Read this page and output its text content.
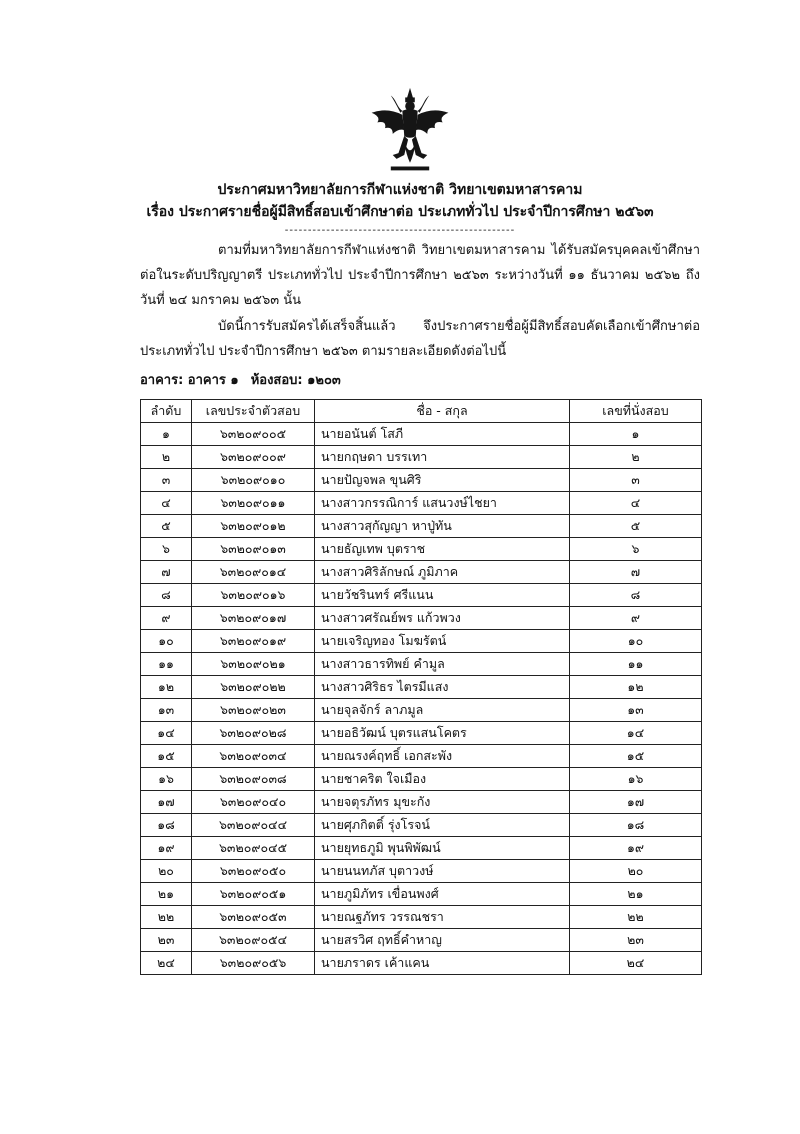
ประกาศมหาวิทยาลัยการกีฬาแห่งชาติ วิทยาเขตมหาสารคาม
เรื่อง ประกาศรายชื่อผู้มีสิทธิ์สอบเข้าศึกษาต่อ ประเภททั่วไป ประจำปีการศึกษา ๒๕๖๓
--------------------------------------------------
ตามที่มหาวิทยาลัยการกีฬาแห่งชาติ วิทยาเขตมหาสารคาม ได้รับสมัครบุคคลเข้าศึกษาต่อในระดับปริญญาตรี ประเภททั่วไป ประจำปีการศึกษา ๒๕๖๓ ระหว่างวันที่ ๑๑ ธันวาคม ๒๕๖๒ ถึงวันที่ ๒๔ มกราคม ๒๕๖๓ นั้น
บัดนี้การรับสมัครได้เสร็จสิ้นแล้ว จึงประกาศรายชื่อผู้มีสิทธิ์สอบคัดเลือกเข้าศึกษาต่อ ประเภททั่วไป ประจำปีการศึกษา ๒๕๖๓ ตามรายละเอียดดังต่อไปนี้
อาคาร: อาคาร ๑ ห้องสอบ: ๑๒๐๓
ลำดับ	เลขประจำตัวสอบ	ชื่อ - สกุล	เลขที่นั่งสอบ
๑	๖๓๒๐๙๐๐๕	นายอนันต์ โสภี	๑
๒	๖๓๒๐๙๐๐๙	นายกฤษดา บรรเทา	๒
๓	๖๓๒๐๙๐๑๐	นายปัญจพล ขุนศิริ	๓
๔	๖๓๒๐๙๐๑๑	นางสาวกรรณิการ์ แสนวงษ์ไชยา	๔
๕	๖๓๒๐๙๐๑๒	นางสาวสุกัญญา หาปู่ทัน	๕
๖	๖๓๒๐๙๐๑๓	นายธัญเทพ บุตราช	๖
๗	๖๓๒๐๙๐๑๔	นางสาวศิริลักษณ์ ภูมิภาค	๗
๘	๖๓๒๐๙๐๑๖	นายวัชรินทร์ ศรีแนน	๘
๙	๖๓๒๐๙๐๑๗	นางสาวศรัณย์พร แก้วพวง	๙
๑๐	๖๓๒๐๙๐๑๙	นายเจริญทอง โมฆรัตน์	๑๐
๑๑	๖๓๒๐๙๐๒๑	นางสาวธารทิพย์ คำมูล	๑๑
๑๒	๖๓๒๐๙๐๒๒	นางสาวศิริธร ไตรมีแสง	๑๒
๑๓	๖๓๒๐๙๐๒๓	นายจุลจักร์ ลาภมูล	๑๓
๑๔	๖๓๒๐๙๐๒๘	นายอธิวัฒน์ บุตรแสนโคตร	๑๔
๑๕	๖๓๒๐๙๐๓๔	นายณรงค์ฤทธิ์ เอกสะพัง	๑๕
๑๖	๖๓๒๐๙๐๓๘	นายชาคริต ใจเมือง	๑๖
๑๗	๖๓๒๐๙๐๔๐	นายจตุรภัทร มุขะกัง	๑๗
๑๘	๖๓๒๐๙๐๔๔	นายศุภกิตติ์ รุ่งโรจน์	๑๘
๑๙	๖๓๒๐๙๐๔๕	นายยุทธภูมิ พุนพิพัฒน์	๑๙
๒๐	๖๓๒๐๙๐๕๐	นายนนทภัส บุตาวงษ์	๒๐
๒๑	๖๓๒๐๙๐๕๑	นายภูมิภัทร เขื่อนพงศ์	๒๑
๒๒	๖๓๒๐๙๐๕๓	นายณฐภัทร วรรณชรา	๒๒
๒๓	๖๓๒๐๙๐๕๔	นายสรวิศ ฤทธิ์คำหาญ	๒๓
๒๔	๖๓๒๐๙๐๕๖	นายภราดร เค้าแคน	๒๔
